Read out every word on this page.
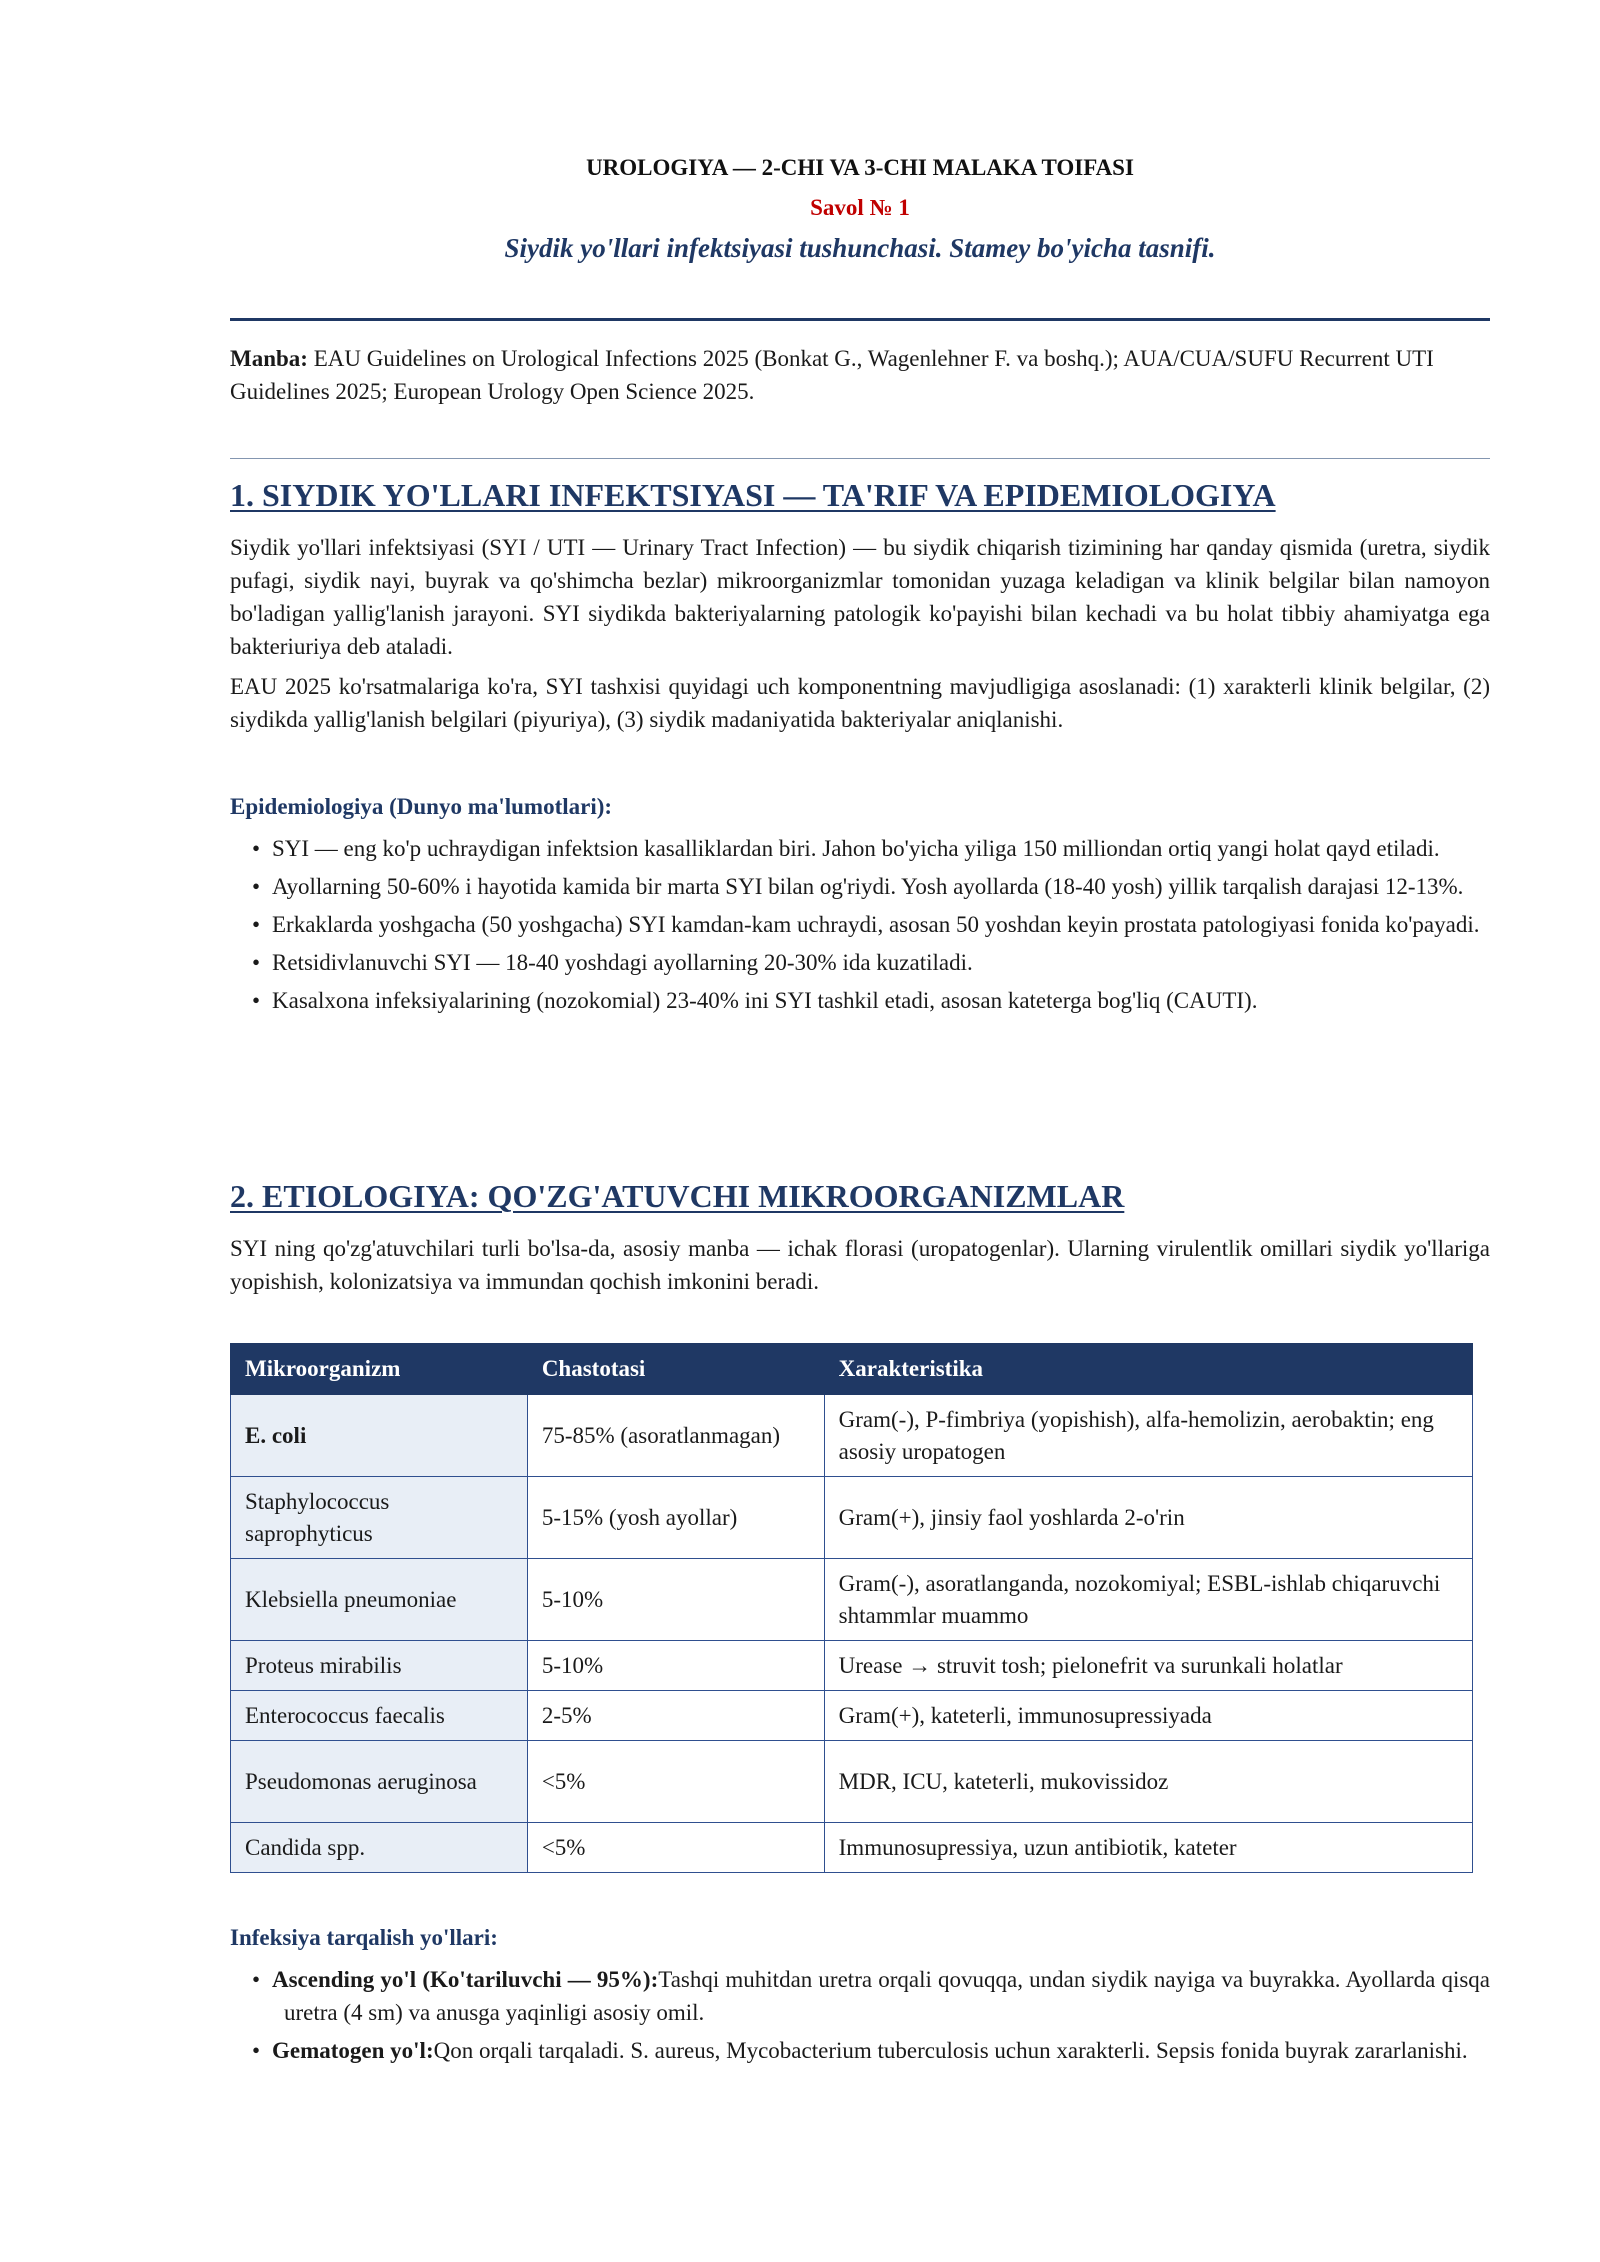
UROLOGIYA — 2-CHI VA 3-CHI MALAKA TOIFASI
Savol № 1
Siydik yo'llari infektsiyasi tushunchasi. Stamey bo'yicha tasnifi.
Manba: EAU Guidelines on Urological Infections 2025 (Bonkat G., Wagenlehner F. va boshq.); AUA/CUA/SUFU Recurrent UTI Guidelines 2025; European Urology Open Science 2025.
1. SIYDIK YO'LLARI INFEKTSIYASI — TA'RIF VA EPIDEMIOLOGIYA
Siydik yo'llari infektsiyasi (SYI / UTI — Urinary Tract Infection) — bu siydik chiqarish tizimining har qanday qismida (uretra, siydik pufagi, siydik nayi, buyrak va qo'shimcha bezlar) mikroorganizmlar tomonidan yuzaga keladigan va klinik belgilar bilan namoyon bo'ladigan yallig'lanish jarayoni. SYI siydikda bakteriyalarning patologik ko'payishi bilan kechadi va bu holat tibbiy ahamiyatga ega bakteriuriya deb ataladi.
EAU 2025 ko'rsatmalariga ko'ra, SYI tashxisi quyidagi uch komponentning mavjudligiga asoslanadi: (1) xarakterli klinik belgilar, (2) siydikda yallig'lanish belgilari (piyuriya), (3) siydik madaniyatida bakteriyalar aniqlanishi.
Epidemiologiya (Dunyo ma'lumotlari):
• SYI — eng ko'p uchraydigan infektsion kasalliklardan biri. Jahon bo'yicha yiliga 150 milliondan ortiq yangi holat qayd etiladi.
• Ayollarning 50-60% i hayotida kamida bir marta SYI bilan og'riydi. Yosh ayollarda (18-40 yosh) yillik tarqalish darajasi 12-13%.
• Erkaklarda yoshgacha (50 yoshgacha) SYI kamdan-kam uchraydi, asosan 50 yoshdan keyin prostata patologiyasi fonida ko'payadi.
• Retsidivlanuvchi SYI — 18-40 yoshdagi ayollarning 20-30% ida kuzatiladi.
• Kasalxona infeksiyalarining (nozokomial) 23-40% ini SYI tashkil etadi, asosan kateterga bog'liq (CAUTI).
2. ETIOLOGIYA: QO'ZG'ATUVCHI MIKROORGANIZMLAR
SYI ning qo'zg'atuvchilari turli bo'lsa-da, asosiy manba — ichak florasi (uropatogenlar). Ularning virulentlik omillari siydik yo'llariga yopishish, kolonizatsiya va immundan qochish imkonini beradi.
Mikroorganizm	Chastotasi	Xarakteristika
E. coli	75-85% (asoratlanmagan)	Gram(-), P-fimbriya (yopishish), alfa-hemolizin, aerobaktin; eng asosiy uropatogen
Staphylococcus saprophyticus	5-15% (yosh ayollar)	Gram(+), jinsiy faol yoshlarda 2-o'rin
Klebsiella pneumoniae	5-10%	Gram(-), asoratlanganda, nozokomiyal; ESBL-ishlab chiqaruvchi shtammlar muammo
Proteus mirabilis	5-10%	Urease → struvit tosh; pielonefrit va surunkali holatlar
Enterococcus faecalis	2-5%	Gram(+), kateterli, immunosupressiyada
Pseudomonas aeruginosa	<5%	MDR, ICU, kateterli, mukovissidoz
Candida spp.	<5%	Immunosupressiya, uzun antibiotik, kateter
Infeksiya tarqalish yo'llari:
• Ascending yo'l (Ko'tariluvchi — 95%):Tashqi muhitdan uretra orqali qovuqqa, undan siydik nayiga va buyrakka. Ayollarda qisqa uretra (4 sm) va anusga yaqinligi asosiy omil.
• Gematogen yo'l:Qon orqali tarqaladi. S. aureus, Mycobacterium tuberculosis uchun xarakterli. Sepsis fonida buyrak zararlanishi.
